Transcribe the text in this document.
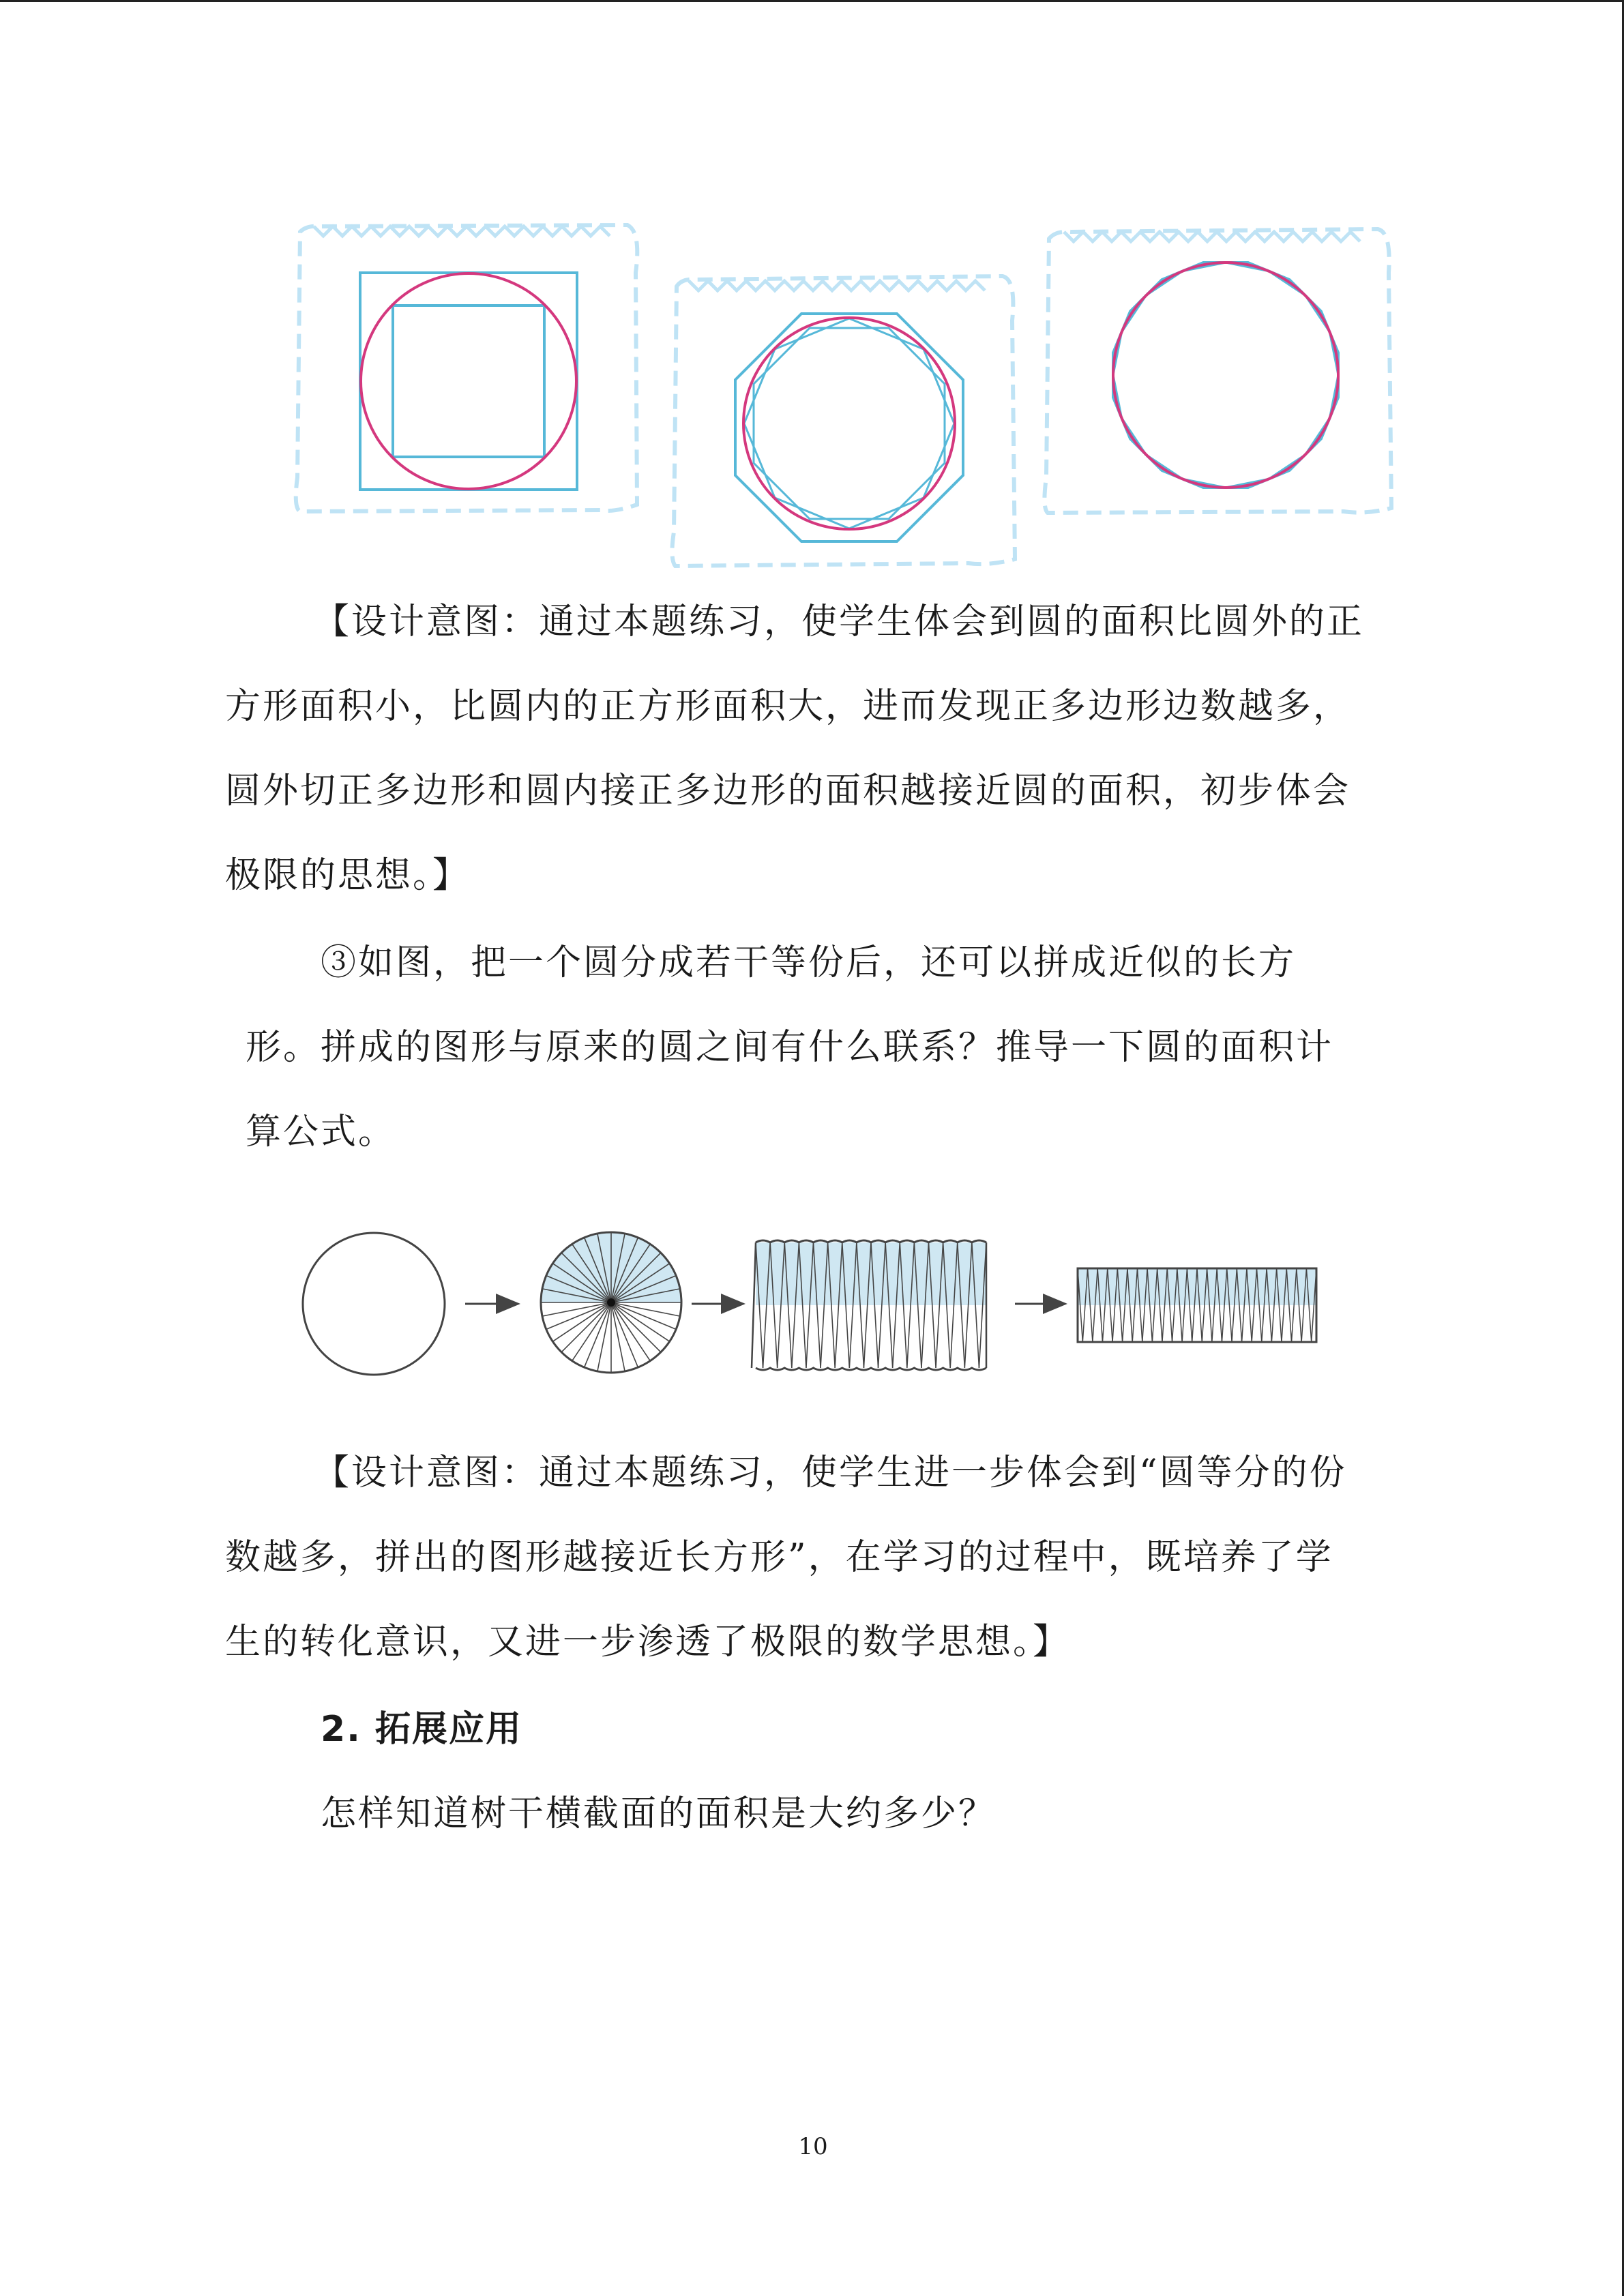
【设计意图：通过本题练习，使学生体会到圆的面积比圆外的正

方形面积小，比圆内的正方形面积大，进而发现正多边形边数越多，

圆外切正多边形和圆内接正多边形的面积越接近圆的面积，初步体会

极限的思想。】

③如图，把一个圆分成若干等份后，还可以拼成近似的长方

形。拼成的图形与原来的圆之间有什么联系？推导一下圆的面积计

算公式。

【设计意图：通过本题练习，使学生进一步体会到“圆等分的份

数越多，拼出的图形越接近长方形”，在学习的过程中，既培养了学

生的转化意识，又进一步渗透了极限的数学思想。】

2. 拓展应用

怎样知道树干横截面的面积是大约多少？

10
